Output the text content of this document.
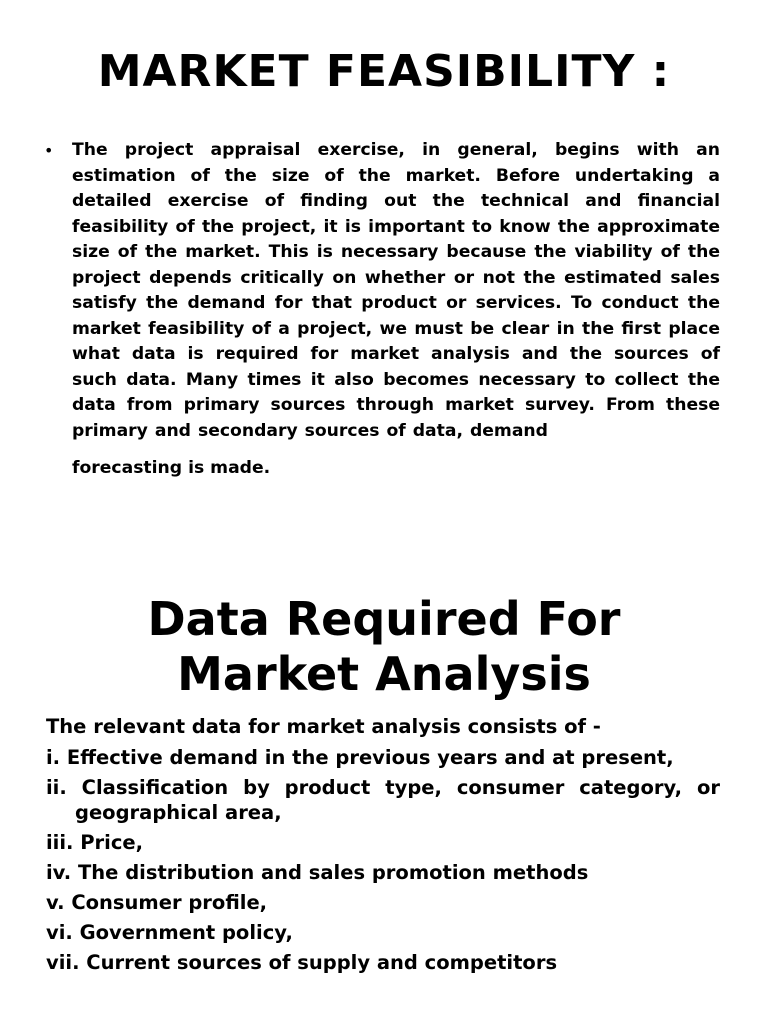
MARKET FEASIBILITY :
• The project appraisal exercise, in general, begins with an estimation of the size of the market. Before undertaking a detailed exercise of finding out the technical and financial feasibility of the project, it is important to know the approximate size of the market. This is necessary because the viability of the project depends critically on whether or not the estimated sales satisfy the demand for that product or services. To conduct the market feasibility of a project, we must be clear in the first place what data is required for market analysis and the sources of such data. Many times it also becomes necessary to collect the data from primary sources through market survey. From these primary and secondary sources of data, demand
forecasting is made.
Data Required For
Market Analysis

The relevant data for market analysis consists of -

i. Effective demand in the previous years and at present,

ii. Classification by product type, consumer category, or geographical area,

iii. Price,

iv. The distribution and sales promotion methods

v. Consumer profile,

vi. Government policy,

vii. Current sources of supply and competitors
